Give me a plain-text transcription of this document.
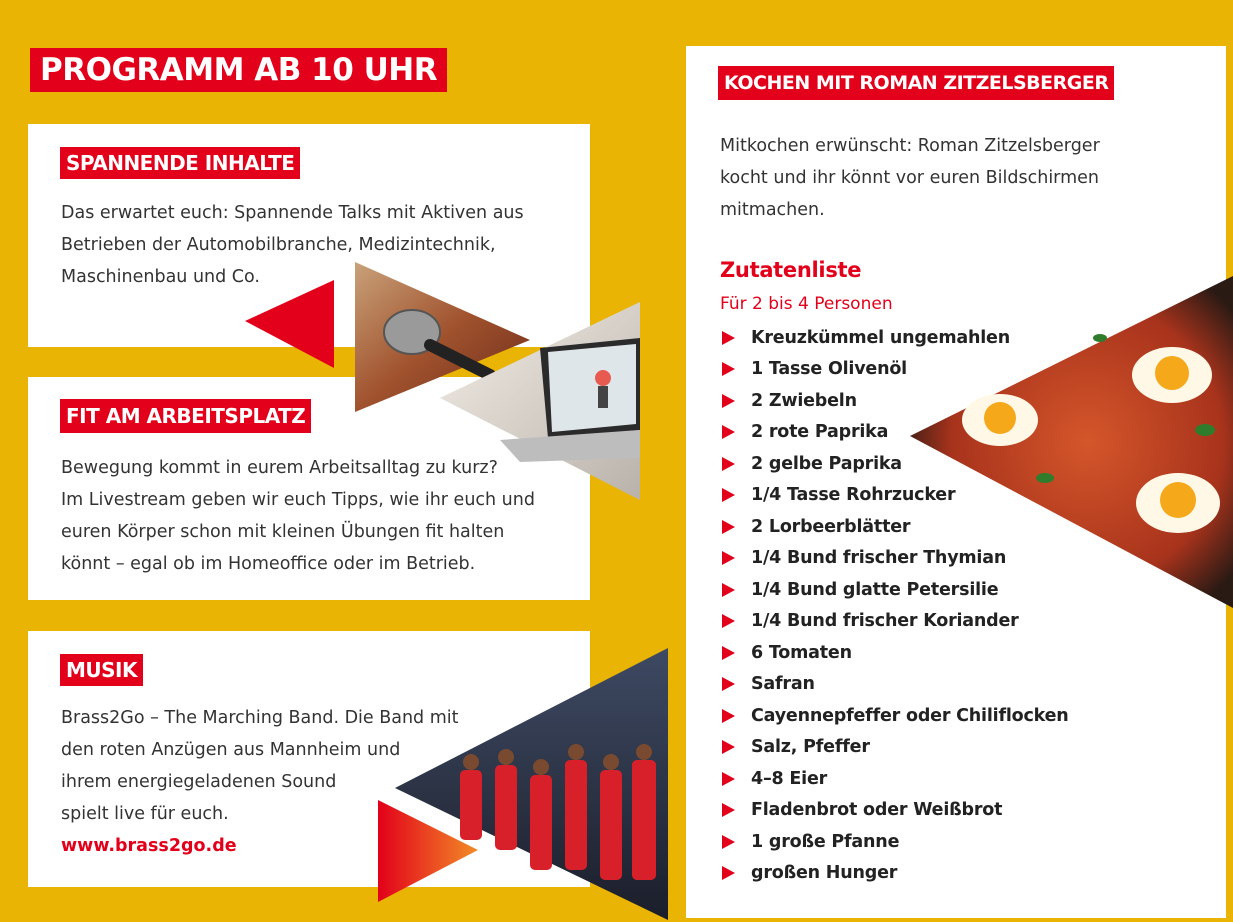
PROGRAMM AB 10 UHR
SPANNENDE INHALTE
Das erwartet euch: Spannende Talks mit Aktiven aus
Betrieben der Automobilbranche, Medizintechnik,
Maschinenbau und Co.
FIT AM ARBEITSPLATZ
Bewegung kommt in eurem Arbeitsalltag zu kurz?
Im Livestream geben wir euch Tipps, wie ihr euch und
euren Körper schon mit kleinen Übungen fit halten
könnt – egal ob im Homeoffice oder im Betrieb.
MUSIK
Brass2Go – The Marching Band. Die Band mit
den roten Anzügen aus Mannheim und
ihrem energiegeladenen Sound
spielt live für euch.
www.brass2go.de
KOCHEN MIT ROMAN ZITZELSBERGER
Mitkochen erwünscht: Roman Zitzelsberger
kocht und ihr könnt vor euren Bildschirmen
mitmachen.
Zutatenliste
Für 2 bis 4 Personen
Kreuzkümmel ungemahlen
1 Tasse Olivenöl
2 Zwiebeln
2 rote Paprika
2 gelbe Paprika
1/4 Tasse Rohrzucker
2 Lorbeerblätter
1/4 Bund frischer Thymian
1/4 Bund glatte Petersilie
1/4 Bund frischer Koriander
6 Tomaten
Safran
Cayennepfeffer oder Chiliflocken
Salz, Pfeffer
4–8 Eier
Fladenbrot oder Weißbrot
1 große Pfanne
großen Hunger
